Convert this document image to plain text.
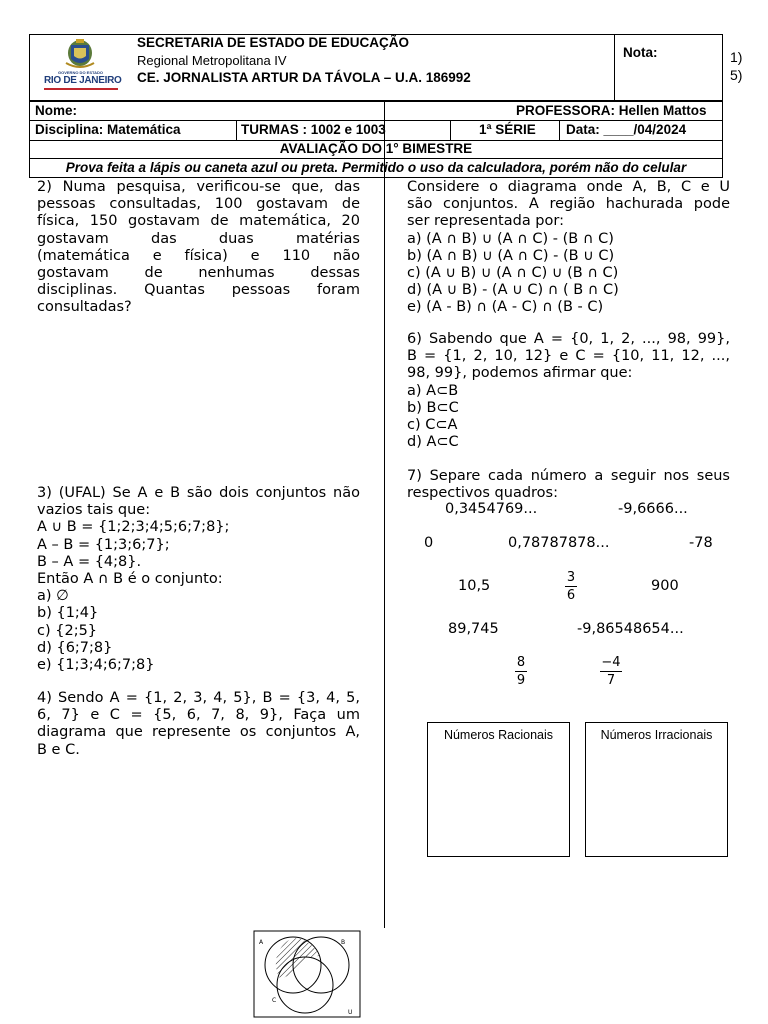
GOVERNO DO ESTADO
RIO DE JANEIRO
SECRETARIA DE ESTADO DE EDUCAÇÃO
Regional Metropolitana IV
CE. JORNALISTA ARTUR DA TÁVOLA – U.A. 186992
Nota:	1)
5)
Nome:	PROFESSORA: Hellen Mattos
Disciplina: Matemática	TURMAS : 1002 e 1003	1ª SÉRIE Data: ____/04/2024
AVALIAÇÃO DO 1° BIMESTRE
Prova feita a lápis ou caneta azul ou preta. Permitido o uso da calculadora, porém não do celular
2) Numa pesquisa, verificou-se que, das
pessoas consultadas, 100 gostavam de
física, 150 gostavam de matemática, 20
gostavam das duas matérias
(matemática e física) e 110 não
gostavam de nenhumas dessas
disciplinas. Quantas pessoas foram
consultadas?
3) (UFAL) Se A e B são dois conjuntos não
vazios tais que:
A ∪ B = {1;2;3;4;5;6;7;8};
A – B = {1;3;6;7};
B – A = {4;8}.
Então A ∩ B é o conjunto:
a) ∅
b) {1;4}
c) {2;5}
d) {6;7;8}
e) {1;3;4;6;7;8}
4) Sendo A = {1, 2, 3, 4, 5}, B = {3, 4, 5,
6, 7} e C = {5, 6, 7, 8, 9}, Faça um
diagrama que represente os conjuntos A,
B e C.
Considere o diagrama onde A, B, C e U
são conjuntos. A região hachurada pode
ser representada por:
a) (A ∩ B) ∪ (A ∩ C) - (B ∩ C)
b) (A ∩ B) ∪ (A ∩ C) - (B ∪ C)
c) (A ∪ B) ∪ (A ∩ C) ∪ (B ∩ C)
d) (A ∪ B) - (A ∪ C) ∩ ( B ∩ C)
e) (A - B) ∩ (A - C) ∩ (B - C)
6) Sabendo que A = {0, 1, 2, ..., 98, 99},
B = {1, 2, 10, 12} e C = {10, 11, 12, ...,
98, 99}, podemos afirmar que:
a) A⊂B
b) B⊂C
c) C⊂A
d) A⊂C
7) Separe cada número a seguir nos seus
respectivos quadros:
0,3454769...	-9,6666...
0	0,78787878...	-78
10,5
3
6
900
89,745	-9,86548654...
8
9
−4
7
Números Racionais	Números Irracionais
A	B
C
U
